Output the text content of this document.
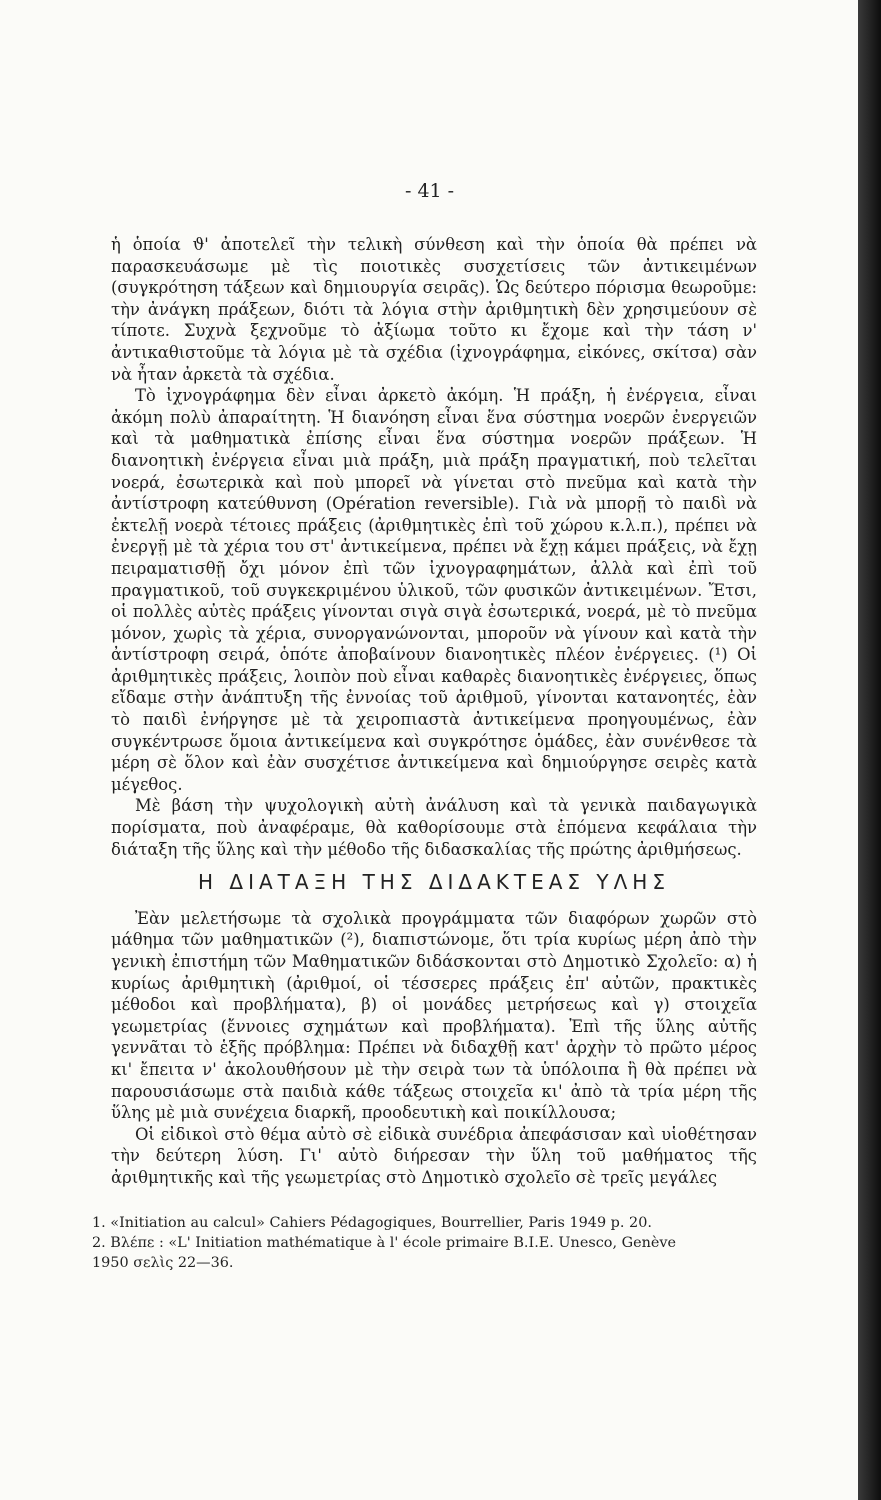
- 41 -

ἡ ὁποία ϑ' ἀποτελεῖ τὴν τελικὴ σύνθεση καὶ τὴν ὁποία θὰ πρέπει νὰ παρασκευάσωμε μὲ τὶς ποιοτικὲς συσχετίσεις τῶν ἀντικειμένων (συγκρότηση τάξεων καὶ δημιουργία σειρᾶς). Ὡς δεύτερο πόρισμα θεωροῦμε: τὴν ἀνάγκη πράξεων, διότι τὰ λόγια στὴν ἀριθμητικὴ δὲν χρησιμεύουν σὲ τίποτε. Συχνὰ ξεχνοῦμε τὸ ἀξίωμα τοῦτο κι ἔχομε καὶ τὴν τάση ν' ἀντικαθιστοῦμε τὰ λόγια μὲ τὰ σχέδια (ἰχνογράφημα, εἰκόνες, σκίτσα) σὰν νὰ ἦταν ἀρκετὰ τὰ σχέδια.

Τὸ ἰχνογράφημα δὲν εἶναι ἀρκετὸ ἀκόμη. Ἡ πράξη, ἡ ἐνέργεια, εἶναι ἀκόμη πολὺ ἀπαραίτητη. Ἡ διανόηση εἶναι ἕνα σύστημα νοερῶν ἐνεργειῶν καὶ τὰ μαθηματικὰ ἐπίσης εἶναι ἕνα σύστημα νοερῶν πράξεων. Ἡ διανοητικὴ ἐνέργεια εἶναι μιὰ πράξη, μιὰ πράξη πραγματική, ποὺ τελεῖται νοερά, ἐσωτερικὰ καὶ ποὺ μπορεῖ νὰ γίνεται στὸ πνεῦμα καὶ κατὰ τὴν ἀντίστροφη κατεύθυνση (Opération reversible). Γιὰ νὰ μπορῇ τὸ παιδὶ νὰ ἐκτελῇ νοερὰ τέτοιες πράξεις (ἀριθμητικὲς ἐπὶ τοῦ χώρου κ.λ.π.), πρέπει νὰ ἐνεργῇ μὲ τὰ χέρια του στ' ἀντικείμενα, πρέπει νὰ ἔχῃ κάμει πράξεις, νὰ ἔχῃ πειραματισθῇ ὄχι μόνον ἐπὶ τῶν ἰχνογραφημάτων, ἀλλὰ καὶ ἐπὶ τοῦ πραγματικοῦ, τοῦ συγκεκριμένου ὑλικοῦ, τῶν φυσικῶν ἀντικειμένων. Ἔτσι, οἱ πολλὲς αὐτὲς πράξεις γίνονται σιγὰ σιγὰ ἐσωτερικά, νοερά, μὲ τὸ πνεῦμα μόνον, χωρὶς τὰ χέρια, συνοργανώνονται, μποροῦν νὰ γίνουν καὶ κατὰ τὴν ἀντίστροφη σειρά, ὁπότε ἀποβαίνουν διανοητικὲς πλέον ἐνέργειες. (¹) Οἱ ἀριθμητικὲς πράξεις, λοιπὸν ποὺ εἶναι καθαρὲς διανοητικὲς ἐνέργειες, ὅπως εἴδαμε στὴν ἀνάπτυξη τῆς ἐννοίας τοῦ ἀριθμοῦ, γίνονται κατανοητές, ἐὰν τὸ παιδὶ ἐνήργησε μὲ τὰ χειροπιαστὰ ἀντικείμενα προηγουμένως, ἐὰν συγκέντρωσε ὅμοια ἀντικείμενα καὶ συγκρότησε ὁμάδες, ἐὰν συνένθεσε τὰ μέρη σὲ ὅλον καὶ ἐὰν συσχέτισε ἀντικείμενα καὶ δημιούργησε σειρὲς κατὰ μέγεθος.

Μὲ βάση τὴν ψυχολογικὴ αὐτὴ ἀνάλυση καὶ τὰ γενικὰ παιδαγωγικὰ πορίσματα, ποὺ ἀναφέραμε, θὰ καθορίσουμε στὰ ἑπόμενα κεφάλαια τὴν διάταξη τῆς ὕλης καὶ τὴν μέθοδο τῆς διδασκαλίας τῆς πρώτης ἀριθμήσεως.

Η ΔΙΑΤΑΞΗ ΤΗΣ ΔΙΔΑΚΤΕΑΣ ΥΛΗΣ

Ἐὰν μελετήσωμε τὰ σχολικὰ προγράμματα τῶν διαφόρων χωρῶν στὸ μάθημα τῶν μαθηματικῶν (²), διαπιστώνομε, ὅτι τρία κυρίως μέρη ἀπὸ τὴν γενικὴ ἐπιστήμη τῶν Μαθηματικῶν διδάσκονται στὸ Δημοτικὸ Σχολεῖο: α) ἡ κυρίως ἀριθμητικὴ (ἀριθμοί, οἱ τέσσερες πράξεις ἐπ' αὐτῶν, πρακτικὲς μέθοδοι καὶ προβλήματα), β) οἱ μονάδες μετρήσεως καὶ γ) στοιχεῖα γεωμετρίας (ἔννοιες σχημάτων καὶ προβλήματα). Ἐπὶ τῆς ὕλης αὐτῆς γεννᾶται τὸ ἑξῆς πρόβλημα: Πρέπει νὰ διδαχθῇ κατ' ἀρχὴν τὸ πρῶτο μέρος κι' ἔπειτα ν' ἀκολουθήσουν μὲ τὴν σειρὰ των τὰ ὑπόλοιπα ἢ θὰ πρέπει νὰ παρουσιάσωμε στὰ παιδιὰ κάθε τάξεως στοιχεῖα κι' ἀπὸ τὰ τρία μέρη τῆς ὕλης μὲ μιὰ συνέχεια διαρκῆ, προοδευτικὴ καὶ ποικίλλουσα;

Οἱ εἰδικοὶ στὸ θέμα αὐτὸ σὲ εἰδικὰ συνέδρια ἀπεφάσισαν καὶ υἱοθέτησαν τὴν δεύτερη λύση. Γι' αὐτὸ διήρεσαν τὴν ὕλη τοῦ μαθήματος τῆς ἀριθμητικῆς καὶ τῆς γεωμετρίας στὸ Δημοτικὸ σχολεῖο σὲ τρεῖς μεγάλες

1. «Initiation au calcul» Cahiers Pédagogiques, Bourrellier, Paris 1949 p. 20.
2. Βλέπε : «L' Initiation mathématique à l' école primaire B.I.E. Unesco, Genève
1950 σελὶς 22—36.
